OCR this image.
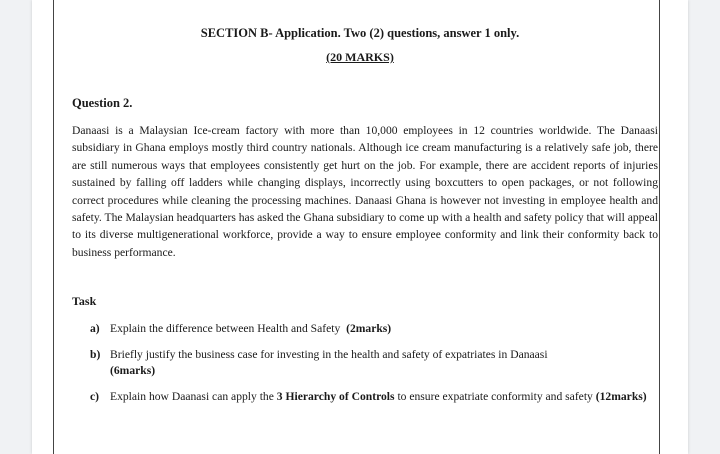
SECTION B- Application. Two (2) questions, answer 1 only.
(20 MARKS)
Question 2.
Danaasi is a Malaysian Ice-cream factory with more than 10,000 employees in 12 countries worldwide. The Danaasi subsidiary in Ghana employs mostly third country nationals. Although ice cream manufacturing is a relatively safe job, there are still numerous ways that employees consistently get hurt on the job. For example, there are accident reports of injuries sustained by falling off ladders while changing displays, incorrectly using boxcutters to open packages, or not following correct procedures while cleaning the processing machines. Danaasi Ghana is however not investing in employee health and safety. The Malaysian headquarters has asked the Ghana subsidiary to come up with a health and safety policy that will appeal to its diverse multigenerational workforce, provide a way to ensure employee conformity and link their conformity back to business performance.
Task
a) Explain the difference between Health and Safety (2marks)
b) Briefly justify the business case for investing in the health and safety of expatriates in Danaasi
(6marks)
c) Explain how Daanasi can apply the 3 Hierarchy of Controls to ensure expatriate conformity and safety (12marks)
